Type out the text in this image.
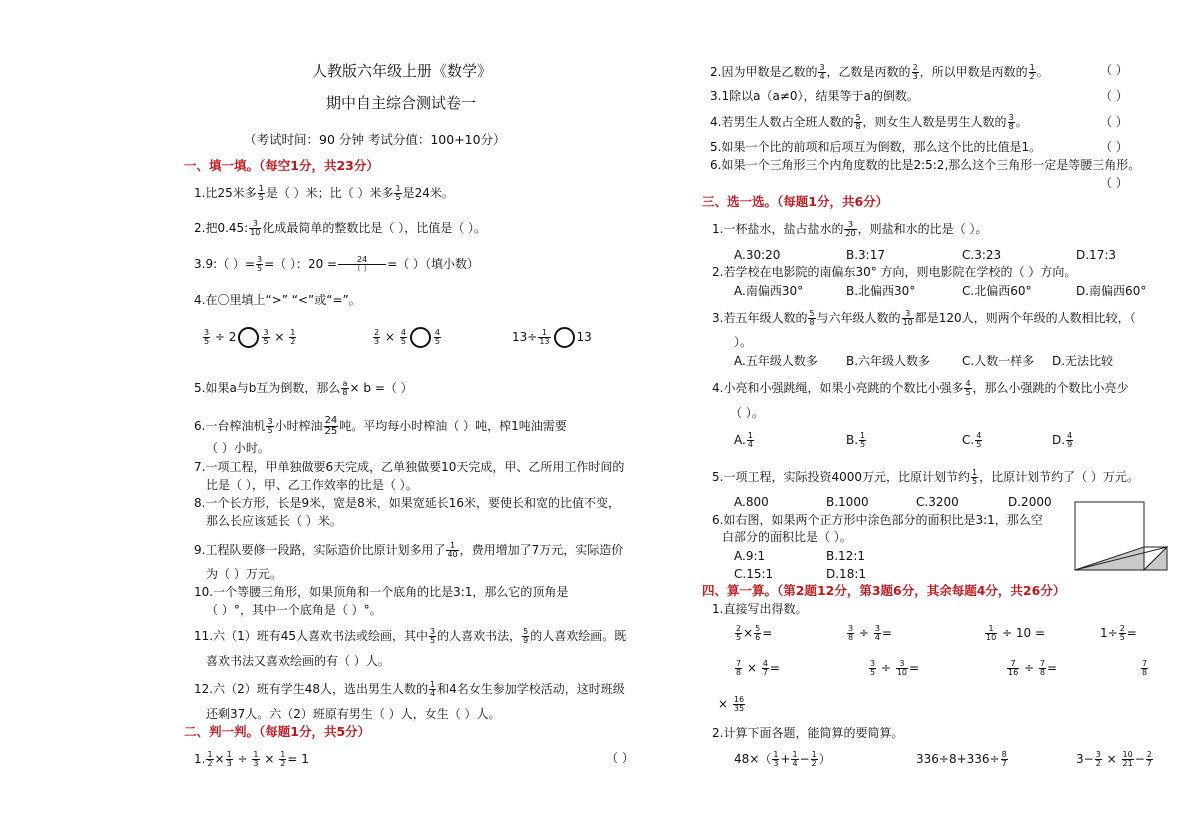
人教版六年级上册《数学》
期中自主综合测试卷一
（考试时间：90 分钟 考试分值：100+10分）
一、填一填。（每空1分，共23分）
1.比25米多 $\frac{1}{5}$ 是（ ）米；比（ ）米多 $\frac{1}{5}$ 是24米。
2.把0.45: $\frac{3}{10}$ 化成最简单的整数比是（ ），比值是（ ）。
3.9:（ ）= $\frac{3}{5}$ =（ ）：20 =	24
（ ）	=（ ）（填小数）
4.在〇里填上“>” “<”或“=”。
$\frac{3}{5} \div 2$	$\frac{3}{5} \times \frac{1}{2}$	$\frac{2}{3} \times \frac{4}{5}$	$\frac{4}{5}$	$13\div \frac{1}{13} 13$
5.如果a与b互为倒数，那么 $\frac{a}{8} \times b$ =（ ）
6.一台榨油机 $\frac{3}{5}$ 小时榨油 $\frac{24}{25}$ 吨。平均每小时榨油（ ）吨，榨1吨油需要
（ ）小时。
7.一项工程，甲单独做要6天完成，乙单独做要10天完成，甲、乙所用工作时间的
比是（ ），甲、乙工作效率的比是（ ）。
8.一个长方形，长是9米，宽是8米，如果宽延长16米，要使长和宽的比值不变，
那么长应该延长（ ）米。
9.工程队要修一段路，实际造价比原计划多用了 $\frac{1}{40}$ ，费用增加了7万元，实际造价
为（ ）万元。
10.一个等腰三角形，如果顶角和一个底角的比是3:1，那么它的顶角是
（ ）°，其中一个底角是（ ）°。
11.六（1）班有45人喜欢书法或绘画，其中 $\frac{3}{5}$ 的人喜欢书法， $\frac{5}{9}$ 的人喜欢绘画。既
喜欢书法又喜欢绘画的有（ ）人。
12.六（2）班有学生48人，选出男生人数的 $\frac{1}{4}$ 和4名女生参加学校活动，这时班级
还剩37人。六（2）班原有男生（ ）人，女生（ ）人。
二、判一判。（每题1分，共5分）
1. $\frac{1}{2} \times \frac{1}{3} \div \frac{1}{3} \times \frac{1}{2} = 1$	（ ）
2.因为甲数是乙数的 $\frac{3}{4}$ ，乙数是丙数的 $\frac{2}{3}$ ，所以甲数是丙数的 $\frac{1}{2}$ 。	（ ）
3.1除以a（a≠0），结果等于a的倒数。	（ ）
4.若男生人数占全班人数的 $\frac{5}{8}$ ，则女生人数是男生人数的 $\frac{3}{8}$ 。	（ ）
5.如果一个比的前项和后项互为倒数，那么这个比的比值是1。	（ ）
6.如果一个三角形三个内角度数的比是2:5:2,那么这个三角形一定是等腰三角形。
（ ）
三、选一选。（每题1分，共6分）
1.一杯盐水，盐占盐水的 $\frac{3}{20}$ ，则盐和水的比是（ ）。
A.30:20	B.3:17	C.3:23	D.17:3
2.若学校在电影院的南偏东30° 方向，则电影院在学校的（ ）方向。
A.南偏西30°	B.北偏西30°	C.北偏西60°	D.南偏西60°
3.若五年级人数的 $\frac{5}{8}$ 与六年级人数的 $\frac{3}{10}$ 都是120人，则两个年级的人数相比较，（
）。
A.五年级人数多 B.六年级人数多	C.人数一样多 D.无法比较
4.小亮和小强跳绳，如果小亮跳的个数比小强多 $\frac{4}{5}$ ，那么小强跳的个数比小亮少
（ ）。
A. $\frac{1}{4}$	B. $\frac{1}{5}$	C. $\frac{4}{5}$	D. $\frac{4}{9}$
5.一项工程，实际投资4000万元，比原计划节约 $\frac{1}{5}$ ，比原计划节约了（ ）万元。
A.800	B.1000	C.3200	D.2000
6.如右图，如果两个正方形中涂色部分的面积比是3:1，那么空
白部分的面积比是（ ）。
A.9:1	B.12:1
C.15:1	D.18:1
四、算一算。（第2题12分，第3题6分，其余每题4分，共26分）
1.直接写出得数。
$\frac{2}{5} \times \frac{5}{6}$ =	$\frac{3}{8} \div \frac{3}{4}$ =	$\frac{1}{10} \div 10$ =	$1\div \frac{2}{5}$ =
$\frac{7}{8} \times \frac{4}{7}$ =	$\frac{3}{5} \div \frac{3}{10}$ =	$\frac{7}{16} \div \frac{7}{8}$ =	$\frac{7}{8}$
× $\frac{16}{35}$
2.计算下面各题，能简算的要简算。
$48\times( \frac{1}{3} + \frac{1}{4} - \frac{1}{2}$ ）	$336\div 8+336\div \frac{8}{7}$	$3- \frac{3}{2} \times \frac{10}{21} - \frac{2}{7}$
